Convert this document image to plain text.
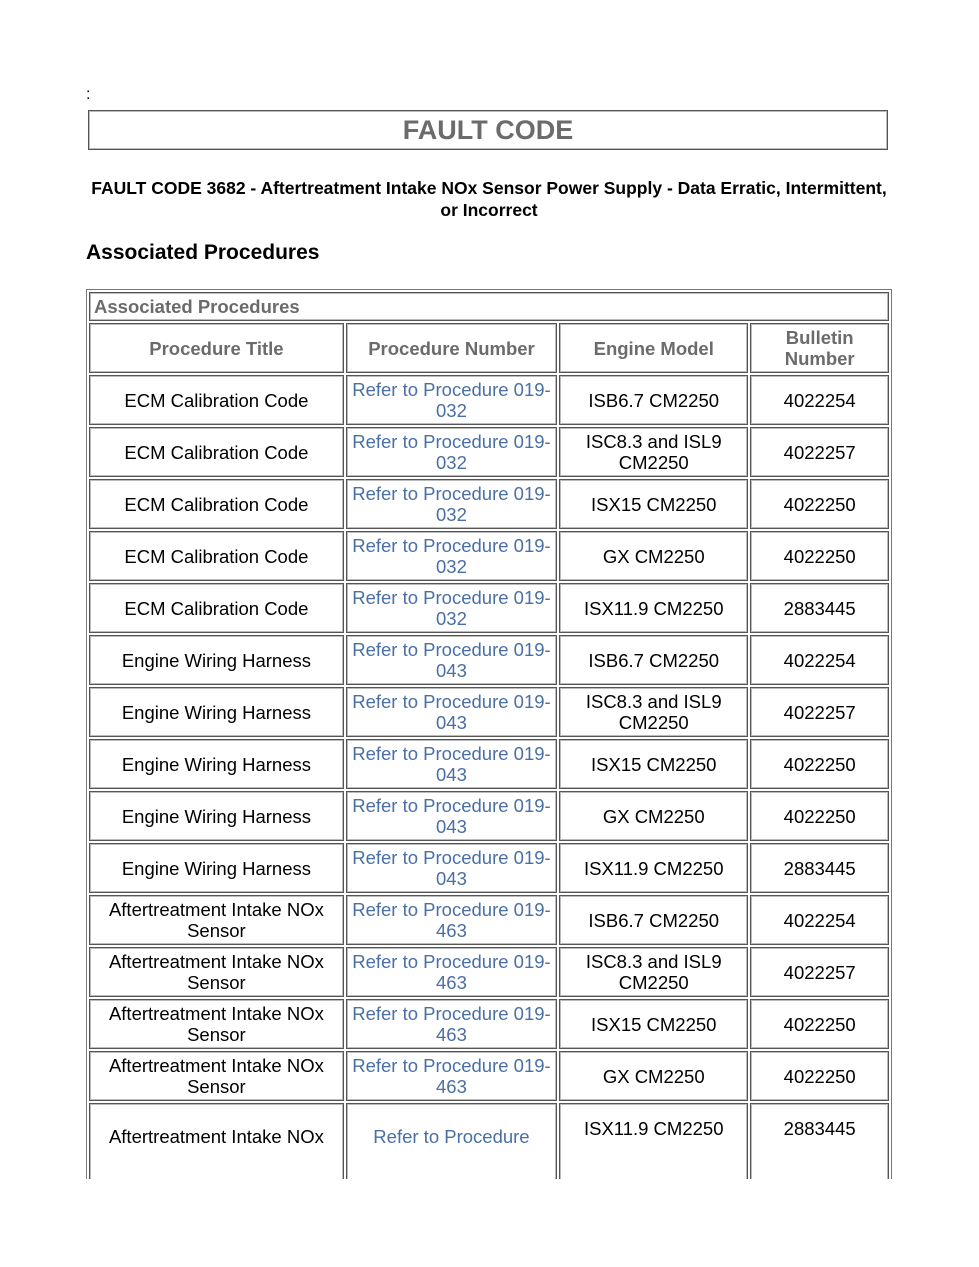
:
FAULT CODE
FAULT CODE 3682 - Aftertreatment Intake NOx Sensor Power Supply - Data Erratic, Intermittent, or Incorrect
Associated Procedures
Associated Procedures			
Procedure Title	Procedure Number	Engine Model	Bulletin Number
ECM Calibration Code	Refer to Procedure 019-032	ISB6.7 CM2250	4022254
ECM Calibration Code	Refer to Procedure 019-032	ISC8.3 and ISL9 CM2250	4022257
ECM Calibration Code	Refer to Procedure 019-032	ISX15 CM2250	4022250
ECM Calibration Code	Refer to Procedure 019-032	GX CM2250	4022250
ECM Calibration Code	Refer to Procedure 019-032	ISX11.9 CM2250	2883445
Engine Wiring Harness	Refer to Procedure 019-043	ISB6.7 CM2250	4022254
Engine Wiring Harness	Refer to Procedure 019-043	ISC8.3 and ISL9 CM2250	4022257
Engine Wiring Harness	Refer to Procedure 019-043	ISX15 CM2250	4022250
Engine Wiring Harness	Refer to Procedure 019-043	GX CM2250	4022250
Engine Wiring Harness	Refer to Procedure 019-043	ISX11.9 CM2250	2883445
Aftertreatment Intake NOx Sensor	Refer to Procedure 019-463	ISB6.7 CM2250	4022254
Aftertreatment Intake NOx Sensor	Refer to Procedure 019-463	ISC8.3 and ISL9 CM2250	4022257
Aftertreatment Intake NOx Sensor	Refer to Procedure 019-463	ISX15 CM2250	4022250
Aftertreatment Intake NOx Sensor	Refer to Procedure 019-463	GX CM2250	4022250
Aftertreatment Intake NOx	Refer to Procedure	ISX11.9 CM2250	2883445
